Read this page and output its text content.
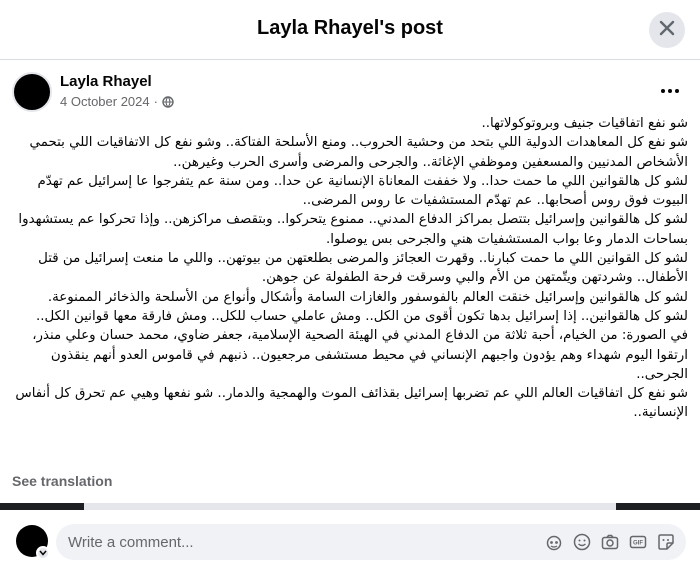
Layla Rhayel's post
Layla Rhayel
4 October 2024 ·

شو نفع اتفاقيات جنيف وبروتوكولاتها..

شو نفع كل المعاهدات الدولية اللي بتحد من وحشية الحروب.. ومنع الأسلحة الفتاكة.. وشو نفع كل الاتفاقيات اللي بتحمي الأشخاص المدنيين والمسعفين وموظفي الإغاثة.. والجرحى والمرضى وأسرى الحرب وغيرهن..

لشو كل هالقوانين اللي ما حمت حدا.. ولا خففت المعاناة الإنسانية عن حدا.. ومن سنة عم يتفرجوا عا إسرائيل عم تهدّم البيوت فوق روس أصحابها.. عم تهدّم المستشفيات عا روس المرضى..

لشو كل هالقوانين وإسرائيل بتتصل بمراكز الدفاع المدني.. ممنوع يتحركوا.. وبتقصف مراكزهن.. وإذا تحركوا عم يستشهدوا بساحات الدمار وعا بواب المستشفيات هني والجرحى بس يوصلوا.

لشو كل القوانين اللي ما حمت كبارنا.. وقهرت العجائز والمرضى بطلعتهن من بيوتهن.. واللي ما منعت إسرائيل من قتل الأطفال.. وشردتهن ويتّمتهن من الأم والبي وسرقت فرحة الطفولة عن جوهن.

لشو كل هالقوانين وإسرائيل خنقت العالم بالفوسفور والغازات السامة وأشكال وأنواع من الأسلحة والذخائر الممنوعة.

لشو كل هالقوانين.. إذا إسرائيل بدها تكون أقوى من الكل.. ومش عاملي حساب للكل.. ومش فارقة معها قوانين الكل..

في الصورة: من الخيام، أحبة ثلاثة من الدفاع المدني في الهيئة الصحية الإسلامية، جعفر ضاوي، محمد حسان وعلي منذر، ارتقوا اليوم شهداء وهم يؤدون واجبهم الإنساني في محيط مستشفى مرجعيون.. ذنبهم في قاموس العدو أنهم ينقذون الجرحى..

شو نفع كل اتفاقيات العالم اللي عم تضربها إسرائيل بقذائف الموت والهمجية والدمار.. شو نفعها وهيي عم تحرق كل أنفاس الإنسانية..

See translation
Write a comment...
GIF
